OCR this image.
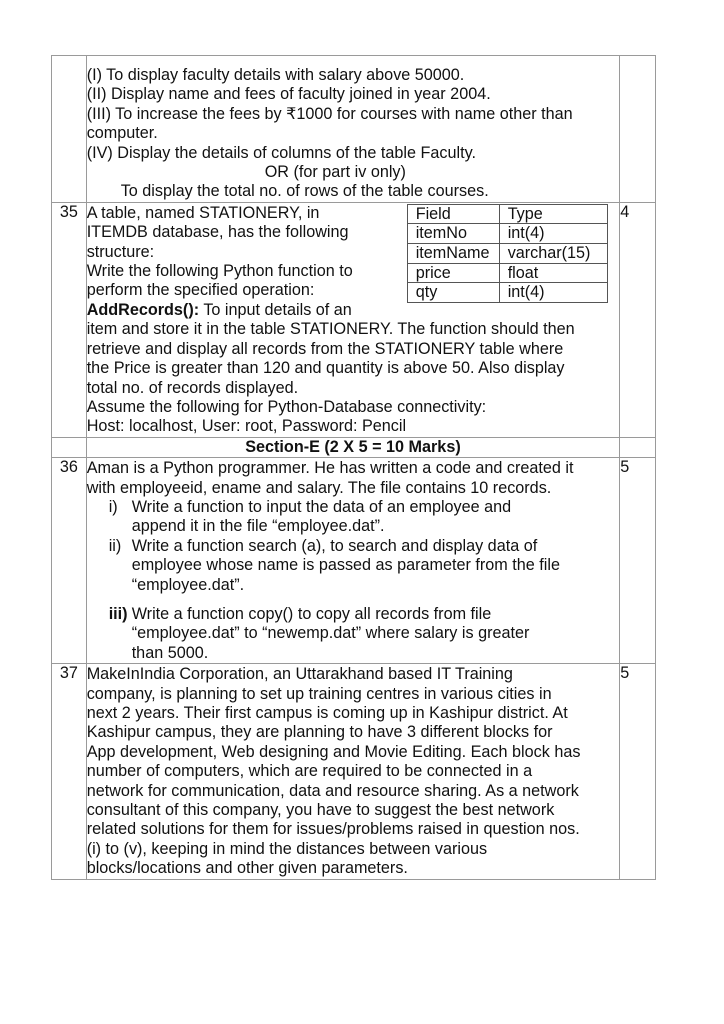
(I) To display faculty details with salary above 50000.
(II) Display name and fees of faculty joined in year 2004.
(III) To increase the fees by ₹1000 for courses with name other than
computer.
(IV) Display the details of columns of the table Faculty.
OR (for part iv only)
To display the total no. of rows of the table courses.

35	A table, named STATIONERY, in
ITEMDB database, has the following
structure:
Write the following Python function to
perform the specified operation:
Field	Type
itemNo	int(4)
itemName	varchar(15)
price	float
qty	int(4)
AddRecords(): To input details of an
item and store it in the table STATIONERY. The function should then
retrieve and display all records from the STATIONERY table where
the Price is greater than 120 and quantity is above 50. Also display
total no. of records displayed.
Assume the following for Python-Database connectivity:
Host: localhost, User: root, Password: Pencil
	4
	Section-E (2 X 5 = 10 Marks)	
36	Aman is a Python programmer. He has written a code and created it
with employeeid, ename and salary. The file contains 10 records.
i) Write a function to input the data of an employee and
append it in the file “employee.dat”.
ii) Write a function search (a), to search and display data of
employee whose name is passed as parameter from the file
“employee.dat”.
iii) Write a function copy() to copy all records from file
“employee.dat” to “newemp.dat” where salary is greater
than 5000.
	5
37	MakeInIndia Corporation, an Uttarakhand based IT Training
company, is planning to set up training centres in various cities in
next 2 years. Their first campus is coming up in Kashipur district. At
Kashipur campus, they are planning to have 3 different blocks for
App development, Web designing and Movie Editing. Each block has
number of computers, which are required to be connected in a
network for communication, data and resource sharing. As a network
consultant of this company, you have to suggest the best network
related solutions for them for issues/problems raised in question nos.
(i) to (v), keeping in mind the distances between various
blocks/locations and other given parameters.
	5
